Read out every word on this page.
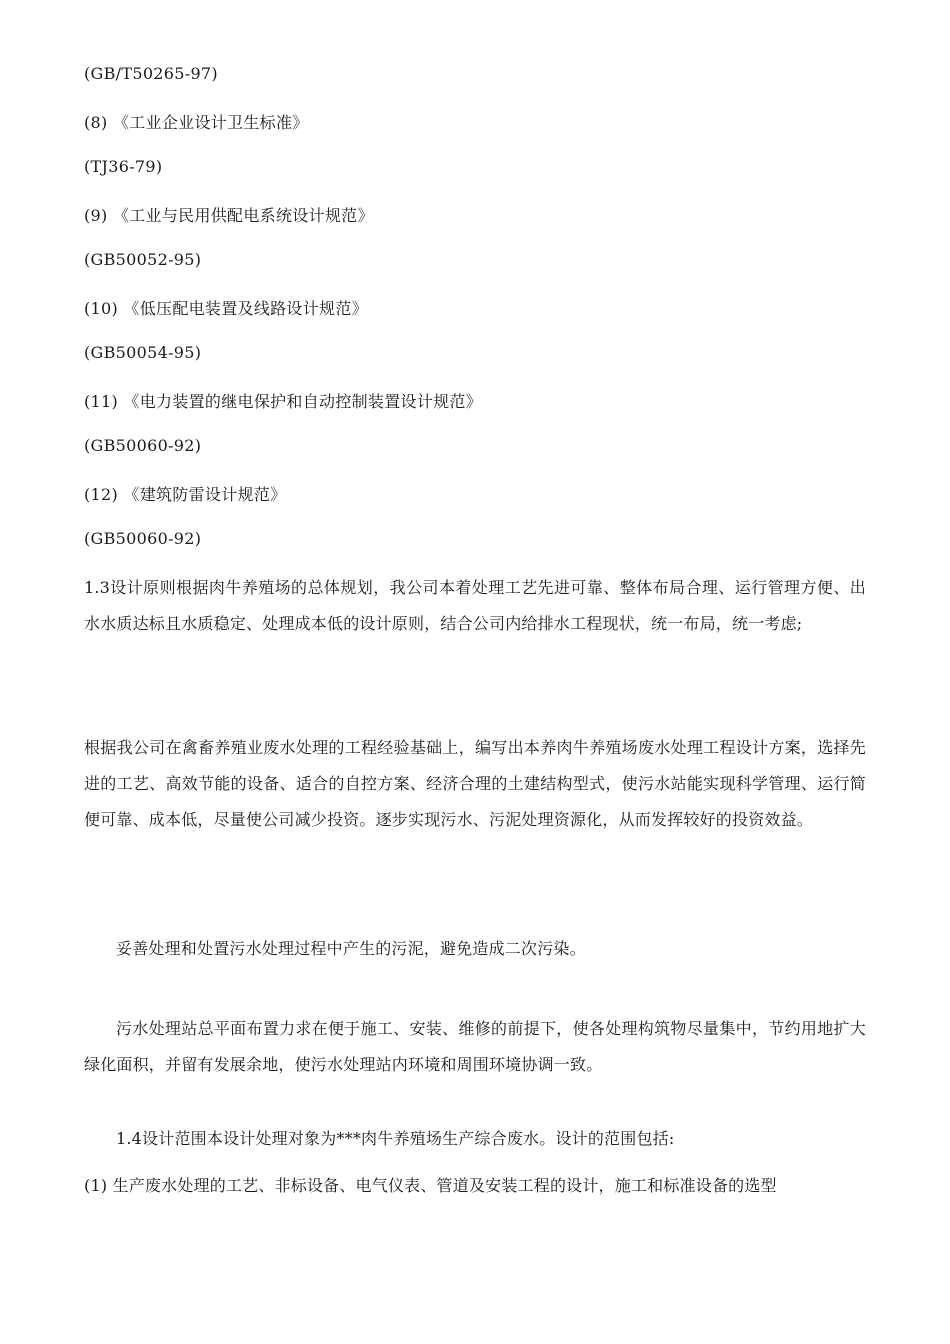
(GB/T50265-97)
(8) 《工业企业设计卫生标准》
(TJ36-79)
(9) 《工业与民用供配电系统设计规范》
(GB50052-95)
(10) 《低压配电装置及线路设计规范》
(GB50054-95)
(11) 《电力装置的继电保护和自动控制装置设计规范》
(GB50060-92)
(12) 《建筑防雷设计规范》
(GB50060-92)
1.3设计原则根据肉牛养殖场的总体规划，我公司本着处理工艺先进可靠、整体布局合理、运行管理方便、出水水质达标且水质稳定、处理成本低的设计原则，结合公司内给排水工程现状，统一布局，统一考虑;
根据我公司在禽畜养殖业废水处理的工程经验基础上，编写出本养肉牛养殖场废水处理工程设计方案，选择先进的工艺、高效节能的设备、适合的自控方案、经济合理的土建结构型式，使污水站能实现科学管理、运行简便可靠、成本低，尽量使公司减少投资。逐步实现污水、污泥处理资源化，从而发挥较好的投资效益。
妥善处理和处置污水处理过程中产生的污泥，避免造成二次污染。
污水处理站总平面布置力求在便于施工、安装、维修的前提下，使各处理构筑物尽量集中，节约用地扩大绿化面积，并留有发展余地，使污水处理站内环境和周围环境协调一致。
1.4设计范围本设计处理对象为***肉牛养殖场生产综合废水。设计的范围包括:
(1) 生产废水处理的工艺、非标设备、电气仪表、管道及安装工程的设计，施工和标准设备的选型
